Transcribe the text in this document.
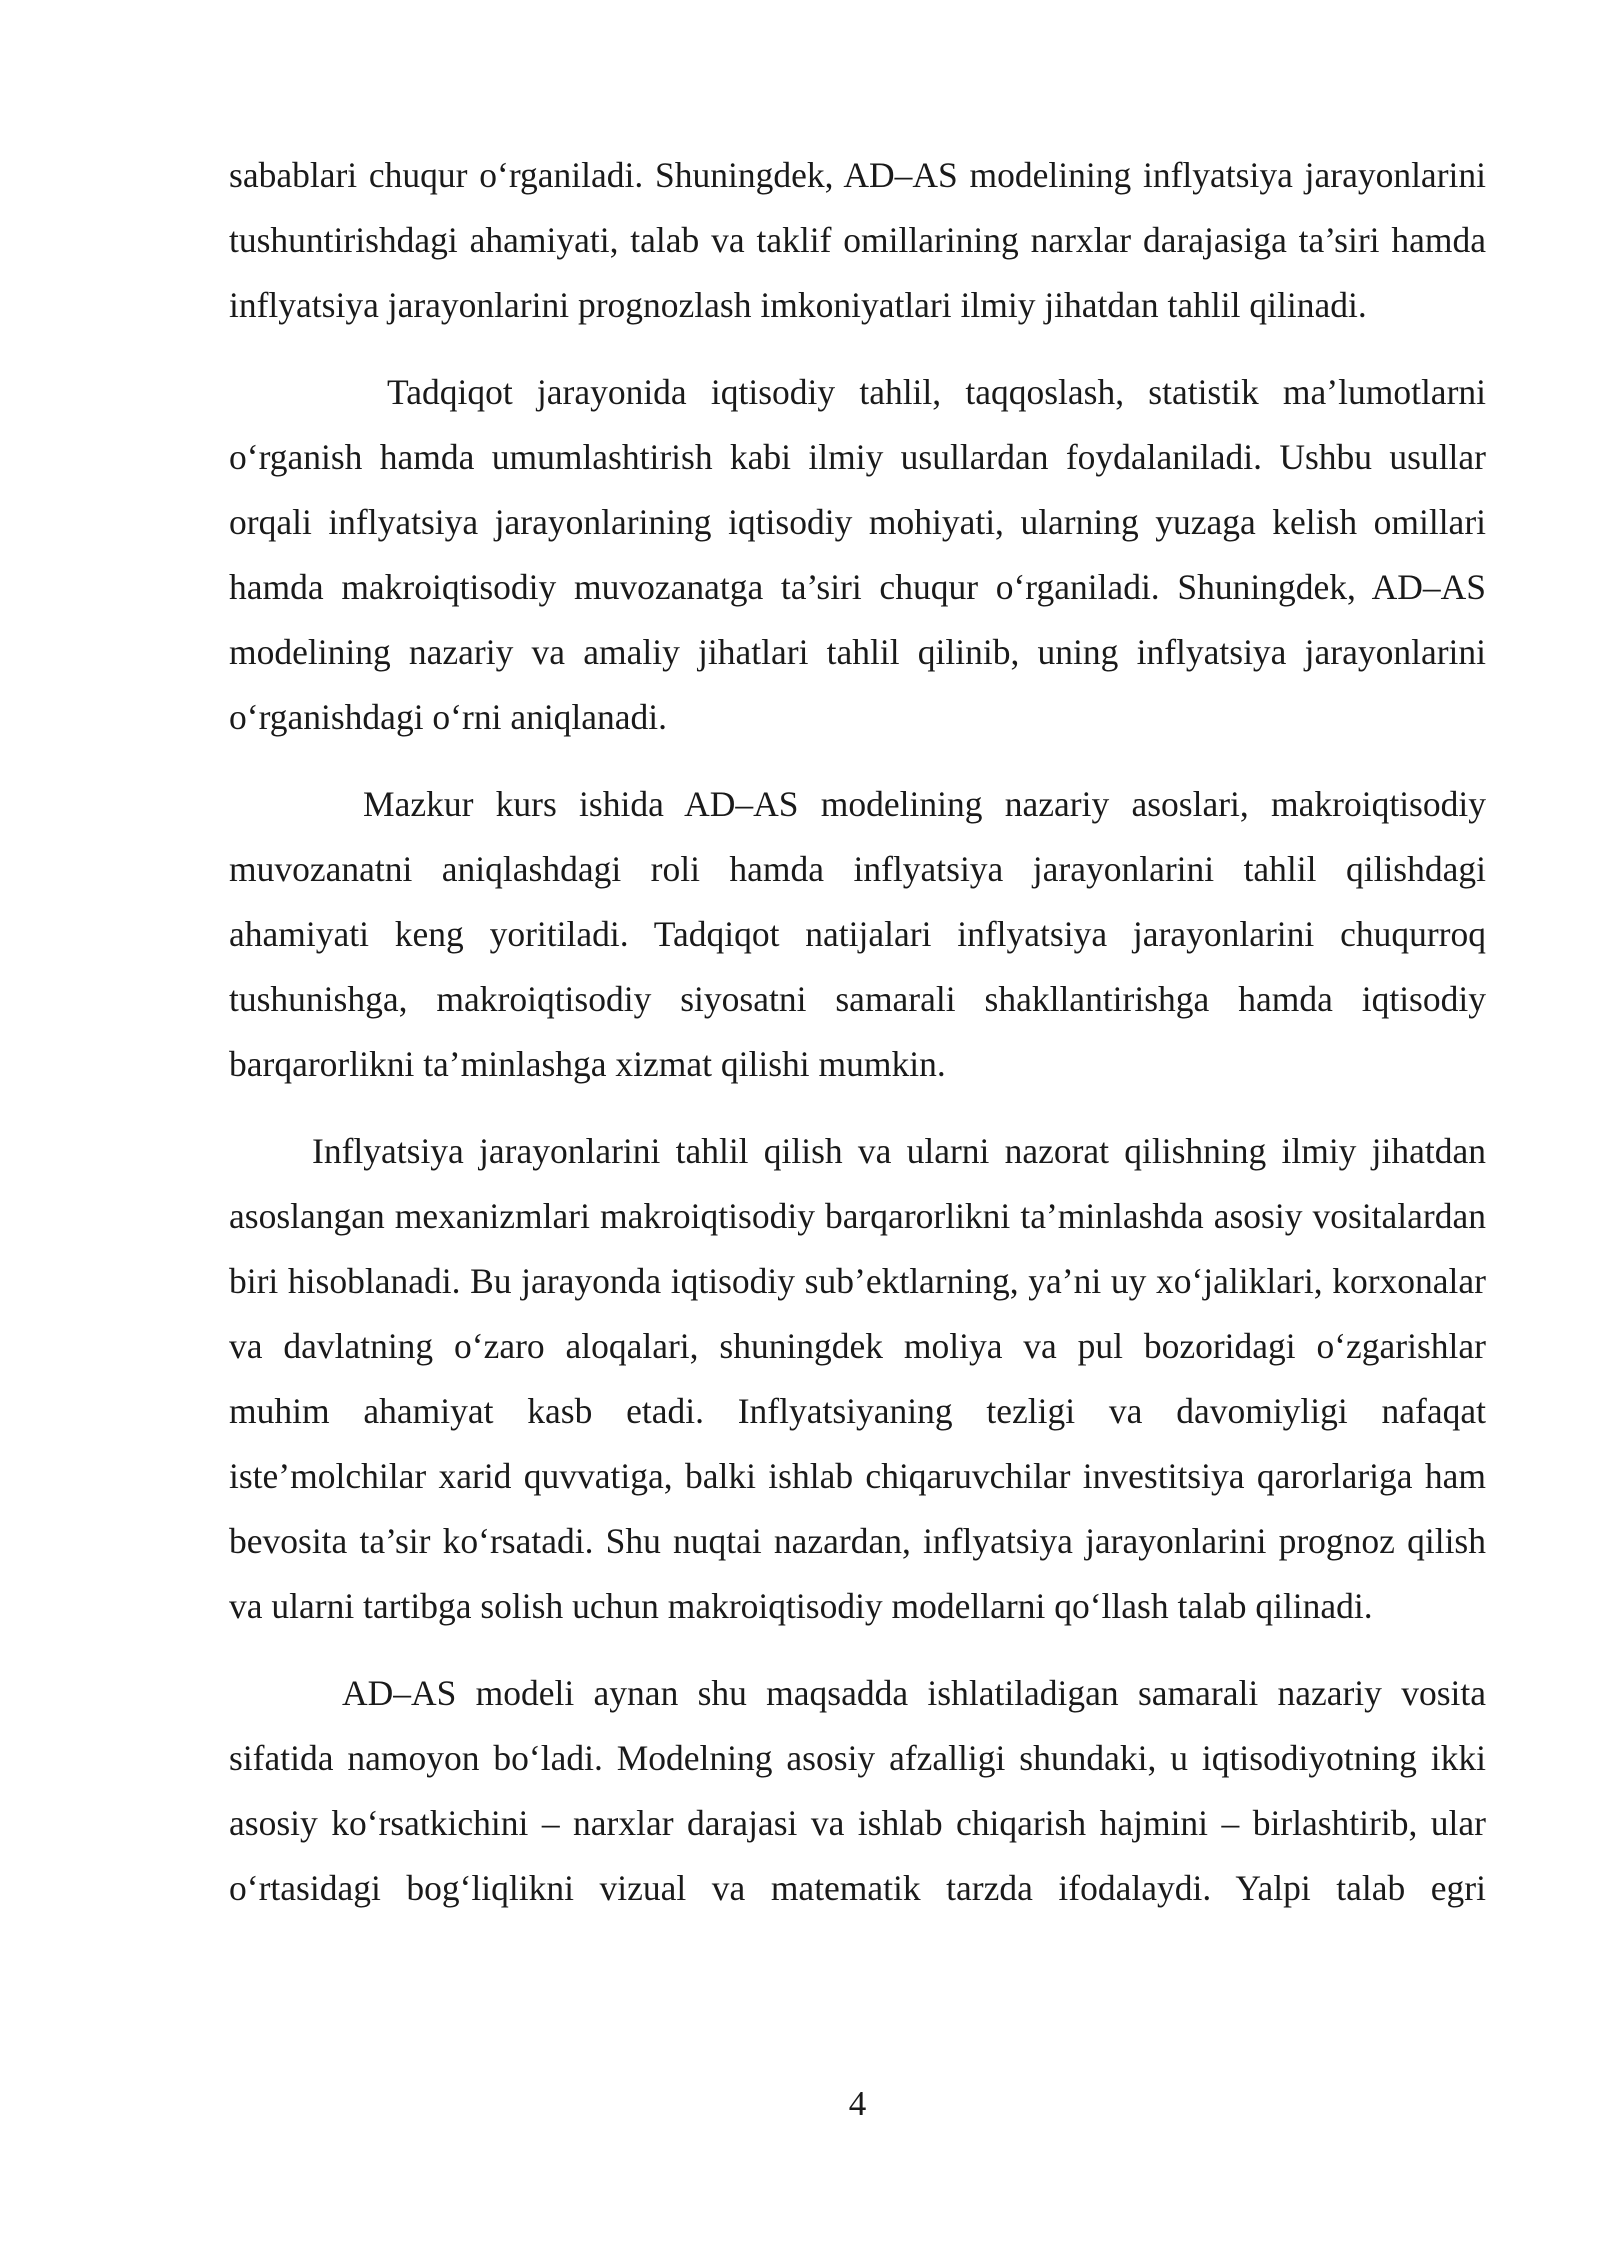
sabablari chuqur o‘rganiladi. Shuningdek, AD–AS modelining inflyatsiya jarayonlarini tushuntirishdagi ahamiyati, talab va taklif omillarining narxlar darajasiga ta’siri hamda inflyatsiya jarayonlarini prognozlash imkoniyatlari ilmiy jihatdan tahlil qilinadi.

Tadqiqot jarayonida iqtisodiy tahlil, taqqoslash, statistik ma’lumotlarni o‘rganish hamda umumlashtirish kabi ilmiy usullardan foydalaniladi. Ushbu usullar orqali inflyatsiya jarayonlarining iqtisodiy mohiyati, ularning yuzaga kelish omillari hamda makroiqtisodiy muvozanatga ta’siri chuqur o‘rganiladi. Shuningdek, AD–AS modelining nazariy va amaliy jihatlari tahlil qilinib, uning inflyatsiya jarayonlarini o‘rganishdagi o‘rni aniqlanadi.

Mazkur kurs ishida AD–AS modelining nazariy asoslari, makroiqtisodiy muvozanatni aniqlashdagi roli hamda inflyatsiya jarayonlarini tahlil qilishdagi ahamiyati keng yoritiladi. Tadqiqot natijalari inflyatsiya jarayonlarini chuqurroq tushunishga, makroiqtisodiy siyosatni samarali shakllantirishga hamda iqtisodiy barqarorlikni ta’minlashga xizmat qilishi mumkin.

Inflyatsiya jarayonlarini tahlil qilish va ularni nazorat qilishning ilmiy jihatdan asoslangan mexanizmlari makroiqtisodiy barqarorlikni ta’minlashda asosiy vositalardan biri hisoblanadi. Bu jarayonda iqtisodiy sub’ektlarning, ya’ni uy xo‘jaliklari, korxonalar va davlatning o‘zaro aloqalari, shuningdek moliya va pul bozoridagi o‘zgarishlar muhim ahamiyat kasb etadi. Inflyatsiyaning tezligi va davomiyligi nafaqat iste’molchilar xarid quvvatiga, balki ishlab chiqaruvchilar investitsiya qarorlariga ham bevosita ta’sir ko‘rsatadi. Shu nuqtai nazardan, inflyatsiya jarayonlarini prognoz qilish va ularni tartibga solish uchun makroiqtisodiy modellarni qo‘llash talab qilinadi.

AD–AS modeli aynan shu maqsadda ishlatiladigan samarali nazariy vosita sifatida namoyon bo‘ladi. Modelning asosiy afzalligi shundaki, u iqtisodiyotning ikki asosiy ko‘rsatkichini – narxlar darajasi va ishlab chiqarish hajmini – birlashtirib, ular o‘rtasidagi bog‘liqlikni vizual va matematik tarzda ifodalaydi. Yalpi talab egri

4
